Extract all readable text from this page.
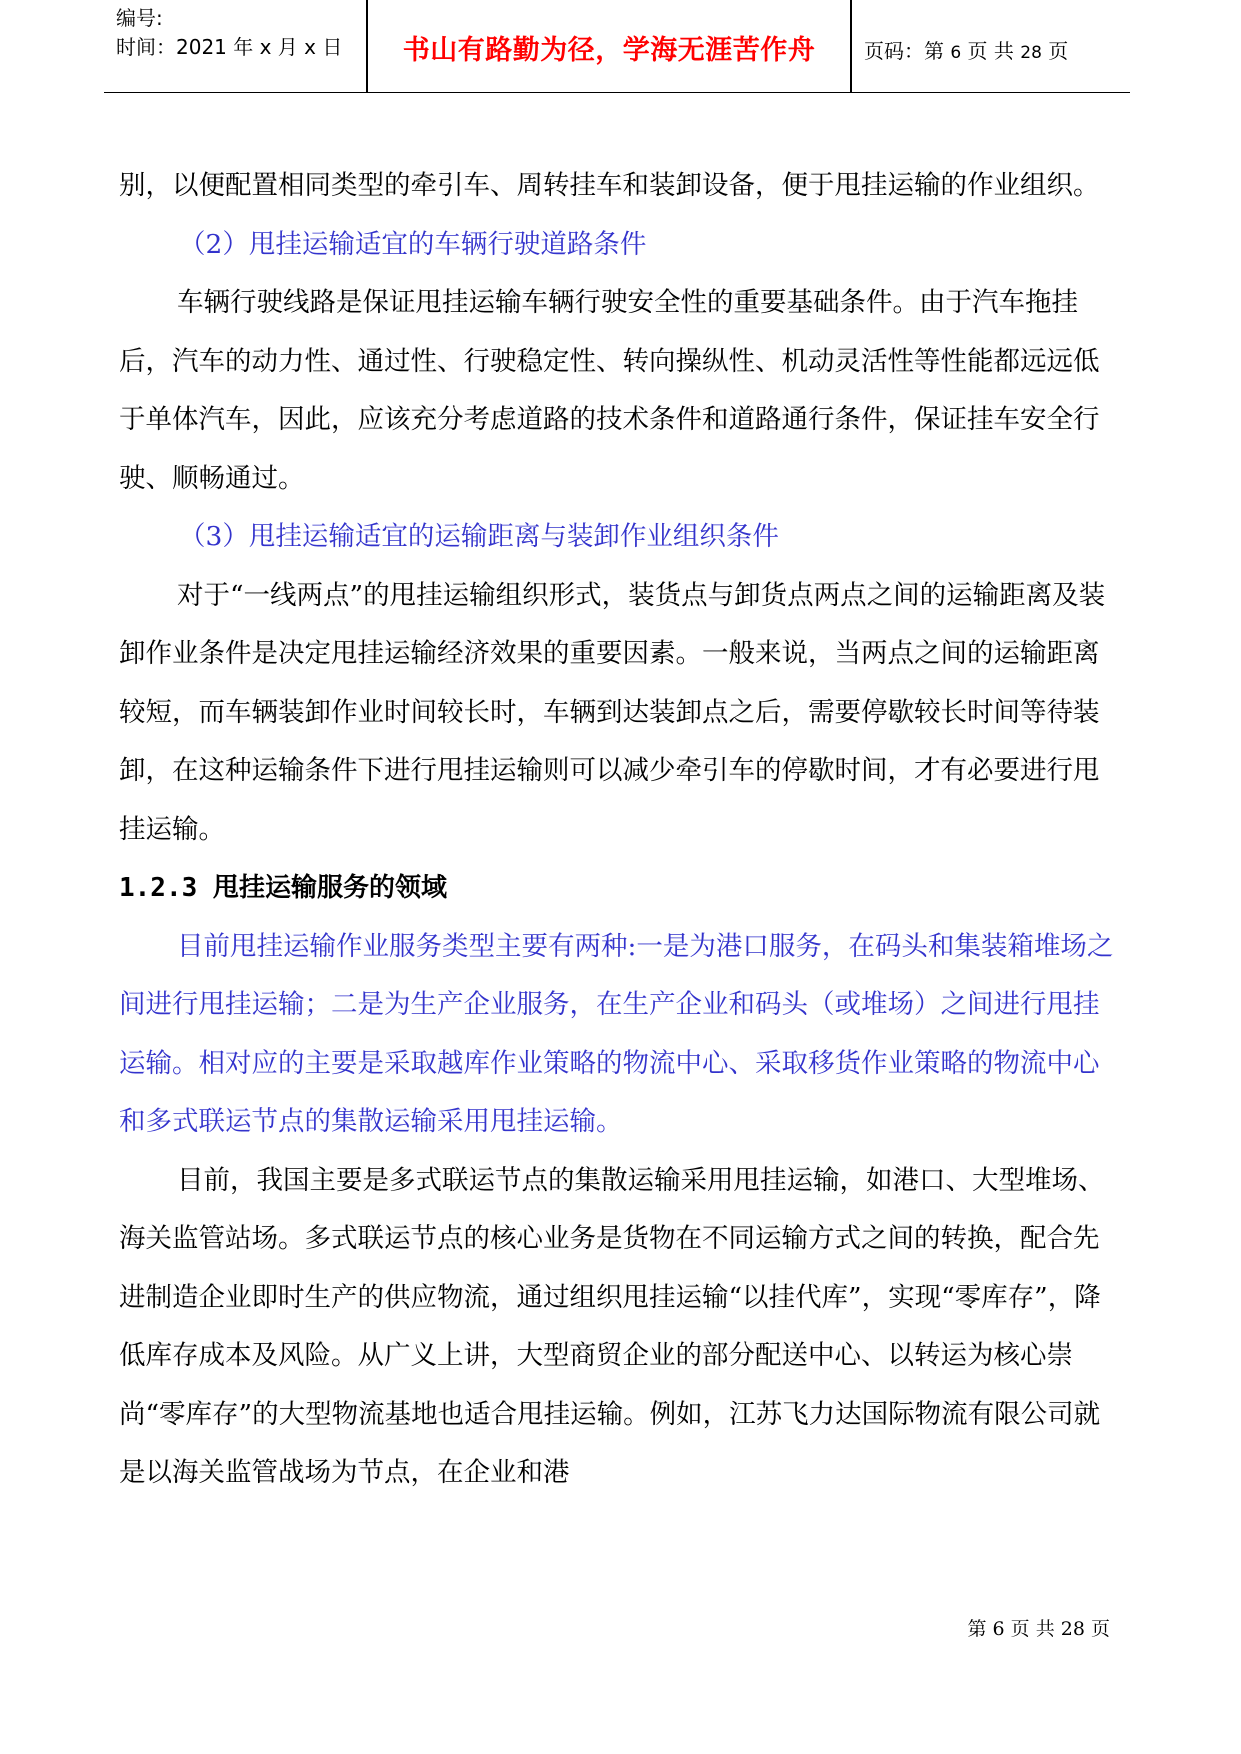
编号:
时间：2021 年 x 月 x 日	书山有路勤为径，学海无涯苦作舟	页码：第 6 页 共 28 页

别，以便配置相同类型的牵引车、周转挂车和装卸设备，便于甩挂运输的作业组织。

（2）甩挂运输适宜的车辆行驶道路条件

车辆行驶线路是保证甩挂运输车辆行驶安全性的重要基础条件。由于汽车拖挂后，汽车的动力性、通过性、行驶稳定性、转向操纵性、机动灵活性等性能都远远低于单体汽车，因此，应该充分考虑道路的技术条件和道路通行条件，保证挂车安全行驶、顺畅通过。

（3）甩挂运输适宜的运输距离与装卸作业组织条件

对于“一线两点”的甩挂运输组织形式，装货点与卸货点两点之间的运输距离及装卸作业条件是决定甩挂运输经济效果的重要因素。一般来说，当两点之间的运输距离较短，而车辆装卸作业时间较长时，车辆到达装卸点之后，需要停歇较长时间等待装卸，在这种运输条件下进行甩挂运输则可以减少牵引车的停歇时间，才有必要进行甩挂运输。

1.2.3 甩挂运输服务的领域

目前甩挂运输作业服务类型主要有两种:一是为港口服务，在码头和集装箱堆场之间进行甩挂运输；二是为生产企业服务，在生产企业和码头（或堆场）之间进行甩挂运输。相对应的主要是采取越库作业策略的物流中心、采取移货作业策略的物流中心和多式联运节点的集散运输采用甩挂运输。

目前，我国主要是多式联运节点的集散运输采用甩挂运输，如港口、大型堆场、海关监管站场。多式联运节点的核心业务是货物在不同运输方式之间的转换，配合先进制造企业即时生产的供应物流，通过组织甩挂运输“以挂代库”，实现“零库存”，降低库存成本及风险。从广义上讲，大型商贸企业的部分配送中心、以转运为核心崇尚“零库存”的大型物流基地也适合甩挂运输。例如，江苏飞力达国际物流有限公司就是以海关监管战场为节点，在企业和港

第 6 页 共 28 页
